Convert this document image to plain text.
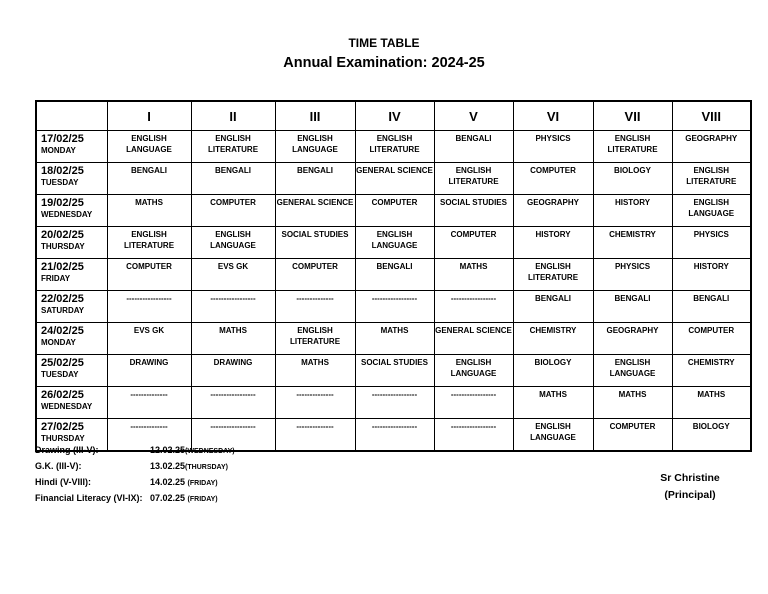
TIME TABLE
Annual Examination: 2024-25
	I	II	III	IV	V	VI	VII	VIII

17/02/25
MONDAY	ENGLISH LANGUAGE	ENGLISH LITERATURE	ENGLISH LANGUAGE	ENGLISH LITERATURE	BENGALI	PHYSICS	ENGLISH LITERATURE	GEOGRAPHY

18/02/25
TUESDAY	BENGALI	BENGALI	BENGALI	GENERAL SCIENCE	ENGLISH LITERATURE	COMPUTER	BIOLOGY	ENGLISH LITERATURE

19/02/25
WEDNESDAY	MATHS	COMPUTER	GENERAL SCIENCE	COMPUTER	SOCIAL STUDIES	GEOGRAPHY	HISTORY	ENGLISH LANGUAGE

20/02/25
THURSDAY	ENGLISH LITERATURE	ENGLISH LANGUAGE	SOCIAL STUDIES	ENGLISH LANGUAGE	COMPUTER	HISTORY	CHEMISTRY	PHYSICS

21/02/25
FRIDAY	COMPUTER	EVS GK	COMPUTER	BENGALI	MATHS	ENGLISH LITERATURE	PHYSICS	HISTORY

22/02/25
SATURDAY	-----------------	-----------------	--------------	-----------------	-----------------	BENGALI	BENGALI	BENGALI

24/02/25
MONDAY	EVS GK	MATHS	ENGLISH LITERATURE	MATHS	GENERAL SCIENCE	CHEMISTRY	GEOGRAPHY	COMPUTER

25/02/25
TUESDAY	DRAWING	DRAWING	MATHS	SOCIAL STUDIES	ENGLISH LANGUAGE	BIOLOGY	ENGLISH LANGUAGE	CHEMISTRY

26/02/25
WEDNESDAY	--------------	-----------------	--------------	-----------------	-----------------	MATHS	MATHS	MATHS

27/02/25
THURSDAY	--------------	-----------------	--------------	-----------------	-----------------	ENGLISH LANGUAGE	COMPUTER	BIOLOGY
Drawing (III-V):	12.02.25(WEDNESDAY)
G.K. (III-V):	13.02.25(THURSDAY)
Hindi (V-VIII):	14.02.25 (FRIDAY)
Financial Literacy (VI-IX): 07.02.25 (FRIDAY)
Sr Christine
(Principal)
